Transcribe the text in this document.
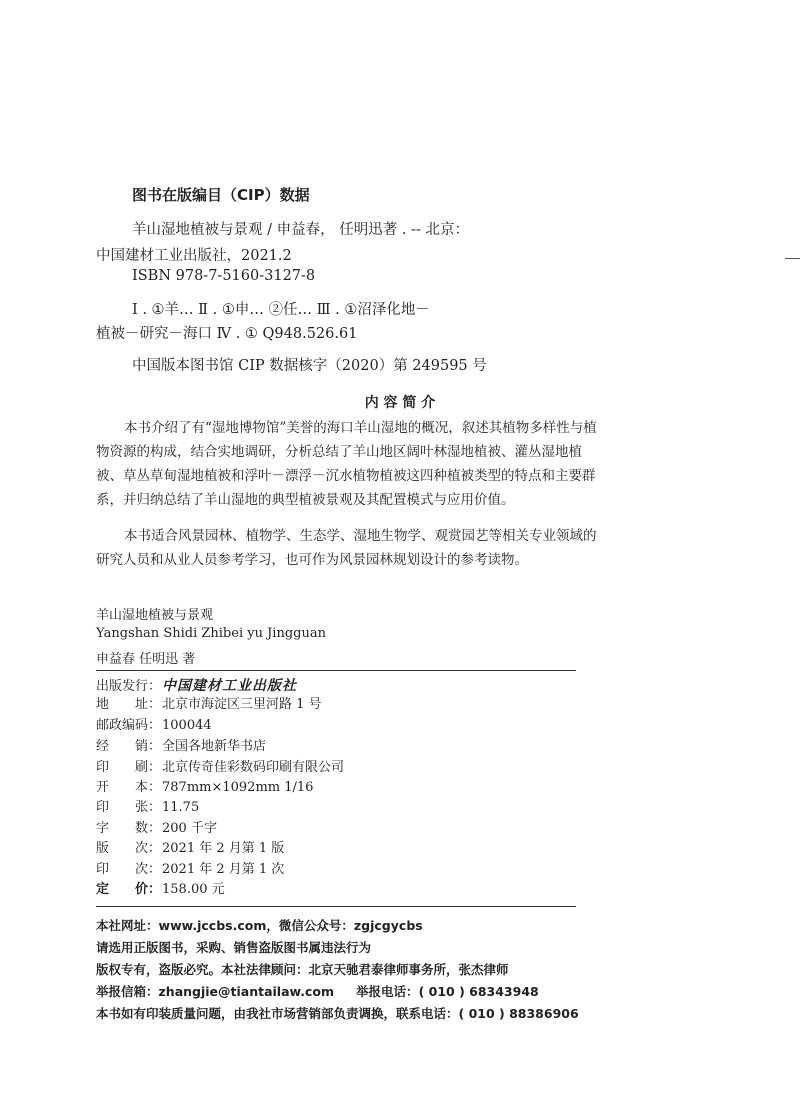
图书在版编目（CIP）数据
羊山湿地植被与景观 / 申益春， 任明迅著 . -- 北京：
中国建材工业出版社，2021.2
ISBN 978-7-5160-3127-8
Ⅰ . ①羊… Ⅱ . ①申… ②任… Ⅲ . ①沼泽化地－
植被－研究－海口 Ⅳ . ① Q948.526.61
中国版本图书馆 CIP 数据核字（2020）第 249595 号
内 容 简 介
本书介绍了有“湿地博物馆”美誉的海口羊山湿地的概况，叙述其植物多样性与植物资源的构成，结合实地调研，分析总结了羊山地区阔叶林湿地植被、灌丛湿地植被、草丛草甸湿地植被和浮叶－漂浮－沉水植物植被这四种植被类型的特点和主要群系，并归纳总结了羊山湿地的典型植被景观及其配置模式与应用价值。
本书适合风景园林、植物学、生态学、湿地生物学、观赏园艺等相关专业领域的研究人员和从业人员参考学习，也可作为风景园林规划设计的参考读物。
羊山湿地植被与景观
Yangshan Shidi Zhibei yu Jingguan
申益春 任明迅 著
出版发行：中国建材工业出版社
地　　址：北京市海淀区三里河路 1 号
邮政编码：100044
经　　销：全国各地新华书店
印　　刷：北京传奇佳彩数码印刷有限公司
开　　本：787mm×1092mm 1/16
印　　张：11.75
字　　数：200 千字
版　　次：2021 年 2 月第 1 版
印　　次：2021 年 2 月第 1 次
定　　价：158.00 元
本社网址：www.jccbs.com，微信公众号：zgjcgycbs
请选用正版图书，采购、销售盗版图书属违法行为
版权专有，盗版必究。本社法律顾问：北京天驰君泰律师事务所，张杰律师
举报信箱：zhangjie@tiantailaw.com 举报电话：( 010 ) 68343948
本书如有印装质量问题，由我社市场营销部负责调换，联系电话：( 010 ) 88386906
